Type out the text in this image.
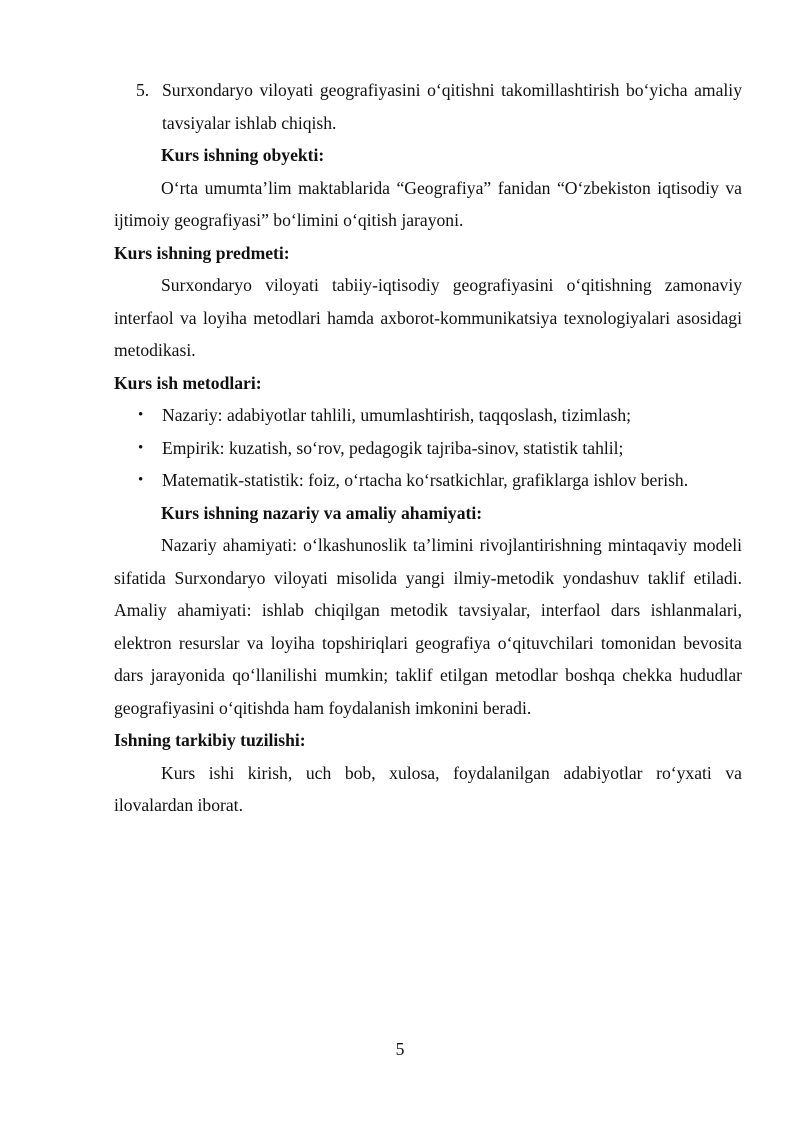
5. Surxondaryo viloyati geografiyasini oʻqitishni takomillashtirish boʻyicha amaliy tavsiyalar ishlab chiqish.

Kurs ishning obyekti:

Oʻrta umumta’lim maktablarida “Geografiya” fanidan “Oʻzbekiston iqtisodiy va ijtimoiy geografiyasi” boʻlimini oʻqitish jarayoni.

Kurs ishning predmeti:

Surxondaryo viloyati tabiiy-iqtisodiy geografiyasini oʻqitishning zamonaviy interfaol va loyiha metodlari hamda axborot-kommunikatsiya texnologiyalari asosidagi metodikasi.

Kurs ish metodlari:

• Nazariy: adabiyotlar tahlili, umumlashtirish, taqqoslash, tizimlash;
• Empirik: kuzatish, soʻrov, pedagogik tajriba-sinov, statistik tahlil;
• Matematik-statistik: foiz, oʻrtacha koʻrsatkichlar, grafiklarga ishlov berish.

Kurs ishning nazariy va amaliy ahamiyati:

Nazariy ahamiyati: oʻlkashunoslik ta’limini rivojlantirishning mintaqaviy modeli sifatida Surxondaryo viloyati misolida yangi ilmiy-metodik yondashuv taklif etiladi. Amaliy ahamiyati: ishlab chiqilgan metodik tavsiyalar, interfaol dars ishlanmalari, elektron resurslar va loyiha topshiriqlari geografiya oʻqituvchilari tomonidan bevosita dars jarayonida qoʻllanilishi mumkin; taklif etilgan metodlar boshqa chekka hududlar geografiyasini oʻqitishda ham foydalanish imkonini beradi.

Ishning tarkibiy tuzilishi:

Kurs ishi kirish, uch bob, xulosa, foydalanilgan adabiyotlar roʻyxati va ilovalardan iborat.

5
